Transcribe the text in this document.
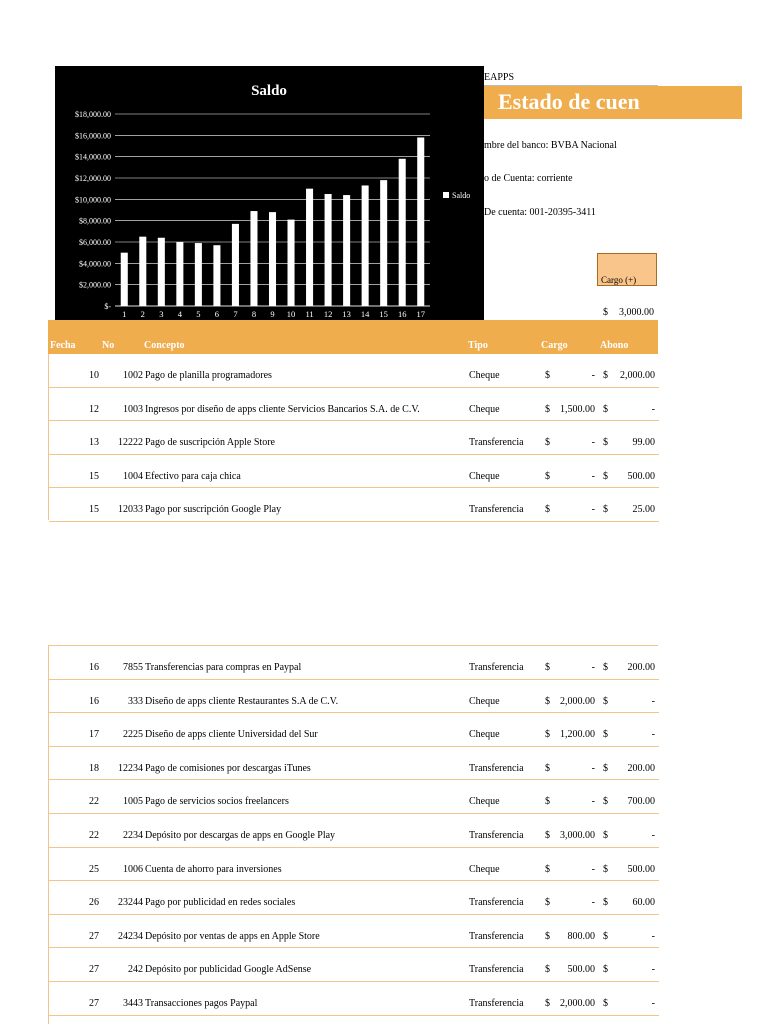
Saldo
$-
$2,000.00
$4,000.00
$6,000.00
$8,000.00
$10,000.00
$12,000.00
$14,000.00
$16,000.00
$18,000.00
1 2 3 4 5 6 7 8 9 10 11 12 13 14 15 16 17
Saldo
EAPPS
Estado de cuen
mbre del banco: BVBA Nacional
o de Cuenta: corriente
De cuenta: 001-20395-3411
Cargo (+)
$	3,000.00
Fecha	No	Concepto	Tipo	Cargo	Abono
10	1002 Pago de planilla programadores	Cheque	$	- $	2,000.00
12	1003 Ingresos por diseño de apps cliente Servicios Bancarios S.A. de C.V.	Cheque	$	1,500.00 $	-
13	12222 Pago de suscripción Apple Store	Transferencia $	- $	99.00
15	1004 Efectivo para caja chica	Cheque	$	- $	500.00
15	12033 Pago por suscripción Google Play	Transferencia $	- $	25.00
16	7855 Transferencias para compras en Paypal	Transferencia $	- $	200.00
16	333 Diseño de apps cliente Restaurantes S.A de C.V.	Cheque	$	2,000.00 $	-
17	2225 Diseño de apps cliente Universidad del Sur	Cheque	$	1,200.00 $	-
18	12234 Pago de comisiones por descargas iTunes	Transferencia $	- $	200.00
22	1005 Pago de servicios socios freelancers	Cheque	$	- $	700.00
22	2234 Depósito por descargas de apps en Google Play	Transferencia $	3,000.00 $	-
25	1006 Cuenta de ahorro para inversiones	Cheque	$	- $	500.00
26	23244 Pago por publicidad en redes sociales	Transferencia $	- $	60.00
27	24234 Depósito por ventas de apps en Apple Store	Transferencia $	800.00 $	-
27	242 Depósito por publicidad Google AdSense	Transferencia $	500.00 $	-
27	3443 Transacciones pagos Paypal	Transferencia $	2,000.00 $	-
